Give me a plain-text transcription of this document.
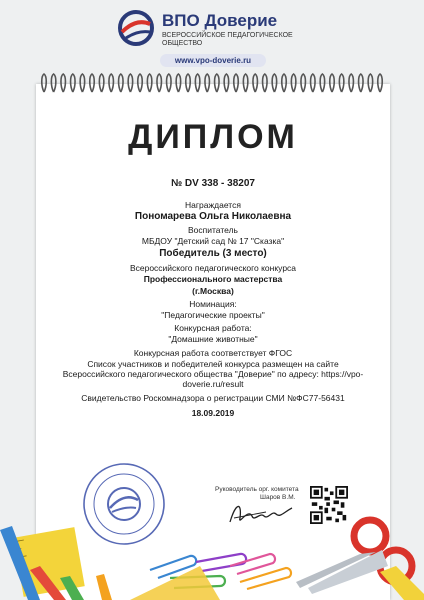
ВПО Доверие
ВСЕРОССИЙСКОЕ ПЕДАГОГИЧЕСКОЕ ОБЩЕСТВО
www.vpo-doverie.ru
ДИПЛОМ
№ DV 338 - 38207
Награждается
Пономарева Ольга Николаевна
Воспитатель
МБДОУ "Детский сад № 17 "Сказка"
Победитель (3 место)
Всероссийского педагогического конкурса
Профессионального мастерства
(г.Москва)
Номинация:
"Педагогические проекты"
Конкурсная работа:
"Домашние животные"
Конкурсная работа соответствует ФГОС
Список участников и победителей конкурса размещен на сайте
Всероссийского педагогического общества "Доверие" по адресу: https://vpo-
doverie.ru/result
Свидетельство Роскомнадзора о регистрации СМИ №ФС77-56431
18.09.2019
Руководитель орг. комитета
Шаров В.М.
